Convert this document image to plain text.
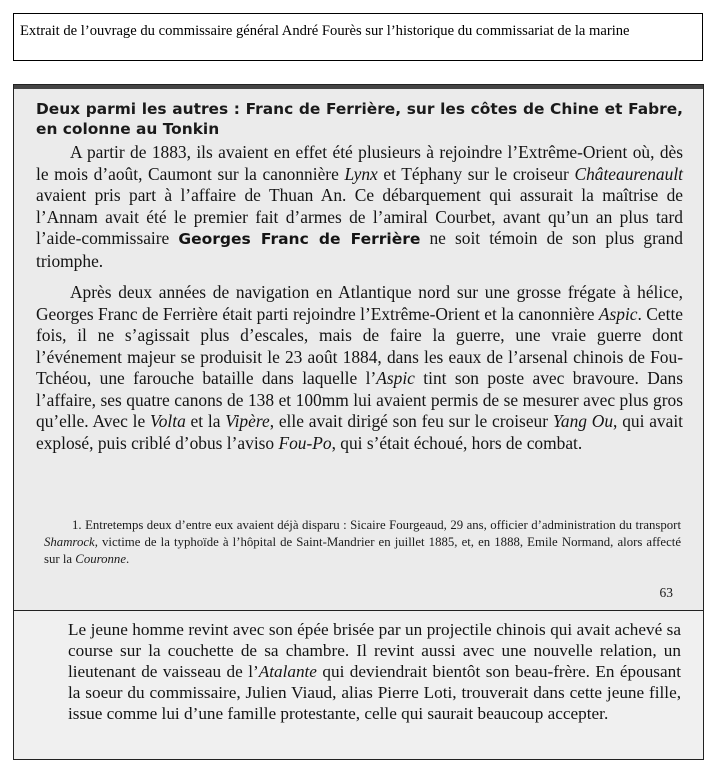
Extrait de l’ouvrage du commissaire général André Fourès sur l’historique du commissariat de la marine
Deux parmi les autres : Franc de Ferrière, sur les côtes de Chine et Fabre, en colonne au Tonkin

A partir de 1883, ils avaient en effet été plusieurs à rejoindre l’Extrême-Orient où, dès le mois d’août, Caumont sur la canonnière Lynx et Téphany sur le croiseur Châteaurenault avaient pris part à l’affaire de Thuan An. Ce débarquement qui assurait la maîtrise de l’Annam avait été le premier fait d’armes de l’amiral Courbet, avant qu’un an plus tard l’aide-commissaire Georges Franc de Ferrière ne soit témoin de son plus grand triomphe.

Après deux années de navigation en Atlantique nord sur une grosse frégate à hélice, Georges Franc de Ferrière était parti rejoindre l’Extrême-Orient et la canonnière Aspic. Cette fois, il ne s’agissait plus d’escales, mais de faire la guerre, une vraie guerre dont l’événement majeur se produisit le 23 août 1884, dans les eaux de l’arsenal chinois de Fou-Tchéou, une farouche bataille dans laquelle l’Aspic tint son poste avec bravoure. Dans l’affaire, ses quatre canons de 138 et 100mm lui avaient permis de se mesurer avec plus gros qu’elle. Avec le Volta et la Vipère, elle avait dirigé son feu sur le croiseur Yang Ou, qui avait explosé, puis criblé d’obus l’aviso Fou-Po, qui s’était échoué, hors de combat.

1. Entretemps deux d’entre eux avaient déjà disparu : Sicaire Fourgeaud, 29 ans, officier d’administration du transport Shamrock, victime de la typhoïde à l’hôpital de Saint-Mandrier en juillet 1885, et, en 1888, Emile Normand, alors affecté sur la Couronne.

63

Le jeune homme revint avec son épée brisée par un projectile chinois qui avait achevé sa course sur la couchette de sa chambre. Il revint aussi avec une nouvelle relation, un lieutenant de vaisseau de l’Atalante qui deviendrait bientôt son beau-frère. En épousant la soeur du commissaire, Julien Viaud, alias Pierre Loti, trouverait dans cette jeune fille, issue comme lui d’une famille protestante, celle qui saurait beaucoup accepter.
